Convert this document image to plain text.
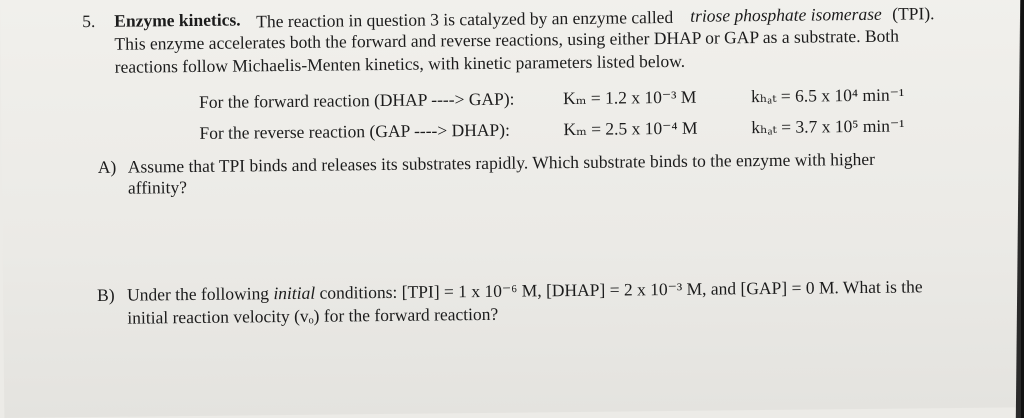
5. Enzyme kinetics. The reaction in question 3 is catalyzed by an enzyme called triose phosphate isomerase (TPI).
This enzyme accelerates both the forward and reverse reactions, using either DHAP or GAP as a substrate. Both
reactions follow Michaelis-Menten kinetics, with kinetic parameters listed below.
For the forward reaction (DHAP ----> GAP):	Kₘ = 1.2 x 10⁻³ M	kₕₐₜ = 6.5 x 10⁴ min⁻¹
For the reverse reaction (GAP ----> DHAP):	Kₘ = 2.5 x 10⁻⁴ M	kₕₐₜ = 3.7 x 10⁵ min⁻¹
A) Assume that TPI binds and releases its substrates rapidly. Which substrate binds to the enzyme with higher
affinity?
B) Under the following initial conditions: [TPI] = 1 x 10⁻⁶ M, [DHAP] = 2 x 10⁻³ M, and [GAP] = 0 M. What is the
initial reaction velocity (vₒ) for the forward reaction?
